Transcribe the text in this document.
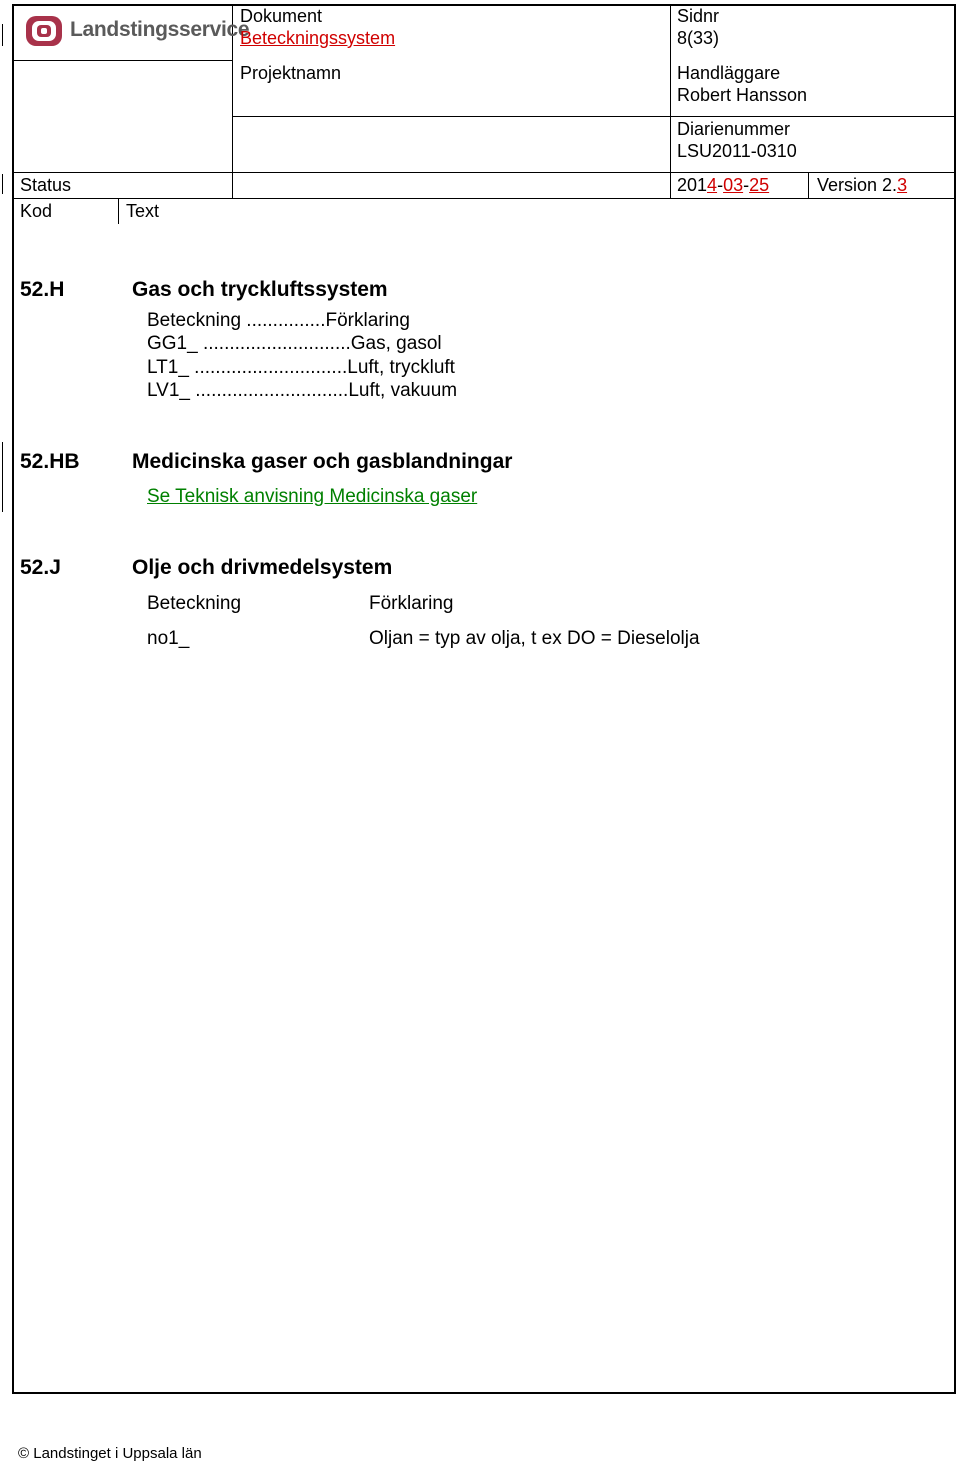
Landstingsservice
Dokument
Beteckningssystem
Projektnamn
Sidnr
8(33)
Handläggare
Robert Hansson
Diarienummer
LSU2011-0310
Status	2014-03-25	Version 2.3
Kod	Text
52.H	Gas och tryckluftssystem
Beteckning ...............Förklaring
GG1_ ............................Gas, gasol
LT1_ .............................Luft, tryckluft
LV1_ .............................Luft, vakuum
52.HB Medicinska gaser och gasblandningar
Se Teknisk anvisning Medicinska gaser
52.J	Olje och drivmedelsystem
Beteckning	Förklaring
no1_	Oljan = typ av olja, t ex DO = Dieselolja
© Landstinget i Uppsala län
